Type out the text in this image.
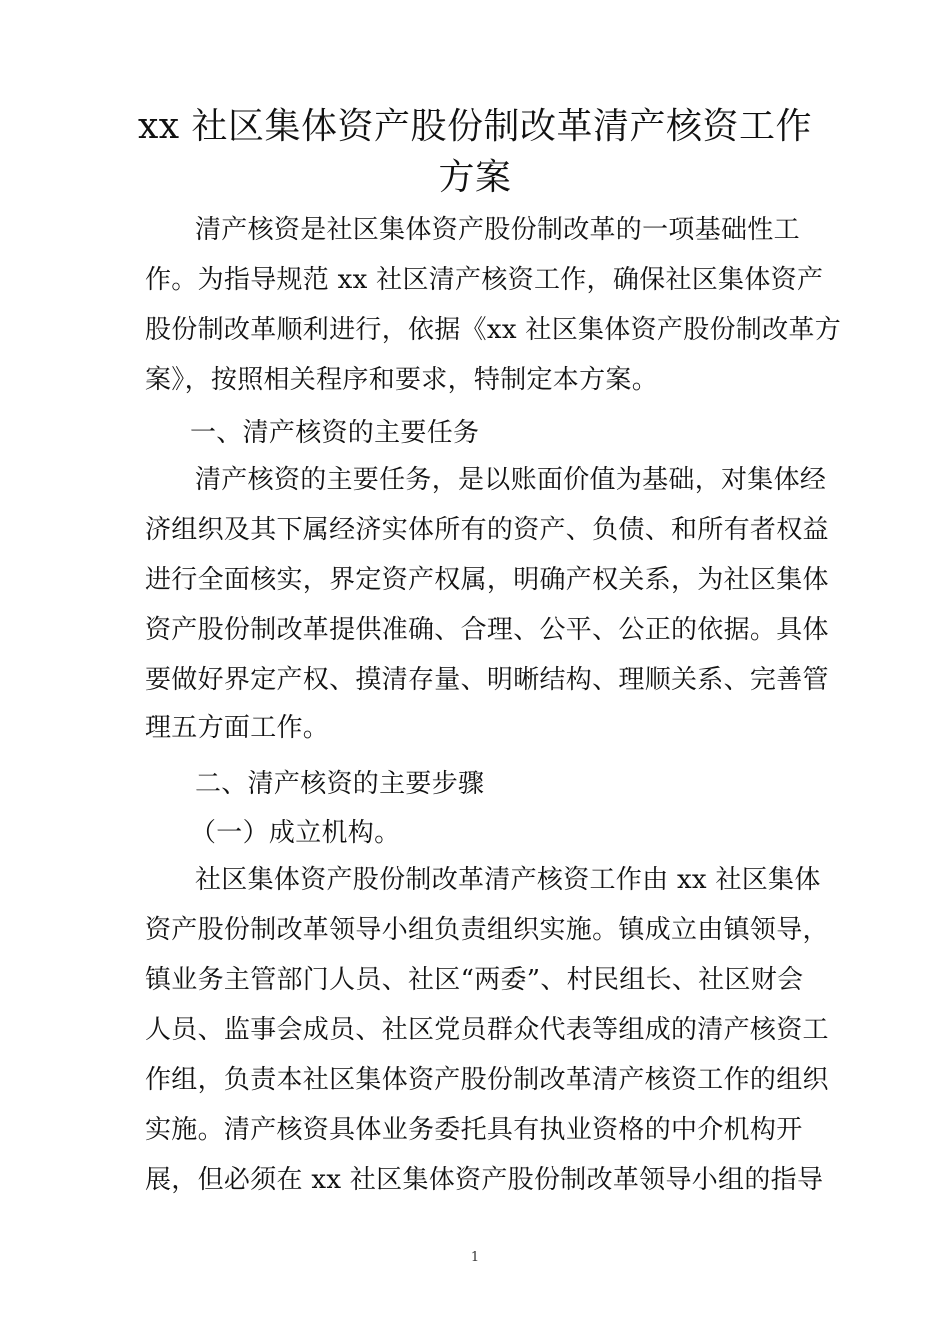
xx 社区集体资产股份制改革清产核资工作
方案
清产核资是社区集体资产股份制改革的一项基础性工
作。为指导规范 xx 社区清产核资工作，确保社区集体资产
股份制改革顺利进行，依据《xx 社区集体资产股份制改革方
案》，按照相关程序和要求，特制定本方案。
一、清产核资的主要任务
清产核资的主要任务，是以账面价值为基础，对集体经
济组织及其下属经济实体所有的资产、负债、和所有者权益
进行全面核实，界定资产权属，明确产权关系，为社区集体
资产股份制改革提供准确、合理、公平、公正的依据。具体
要做好界定产权、摸清存量、明晰结构、理顺关系、完善管
理五方面工作。
二、清产核资的主要步骤
（一）成立机构。
社区集体资产股份制改革清产核资工作由 xx 社区集体
资产股份制改革领导小组负责组织实施。镇成立由镇领导，
镇业务主管部门人员、社区“两委”、村民组长、社区财会
人员、监事会成员、社区党员群众代表等组成的清产核资工
作组，负责本社区集体资产股份制改革清产核资工作的组织
实施。清产核资具体业务委托具有执业资格的中介机构开
展，但必须在 xx 社区集体资产股份制改革领导小组的指导
1
